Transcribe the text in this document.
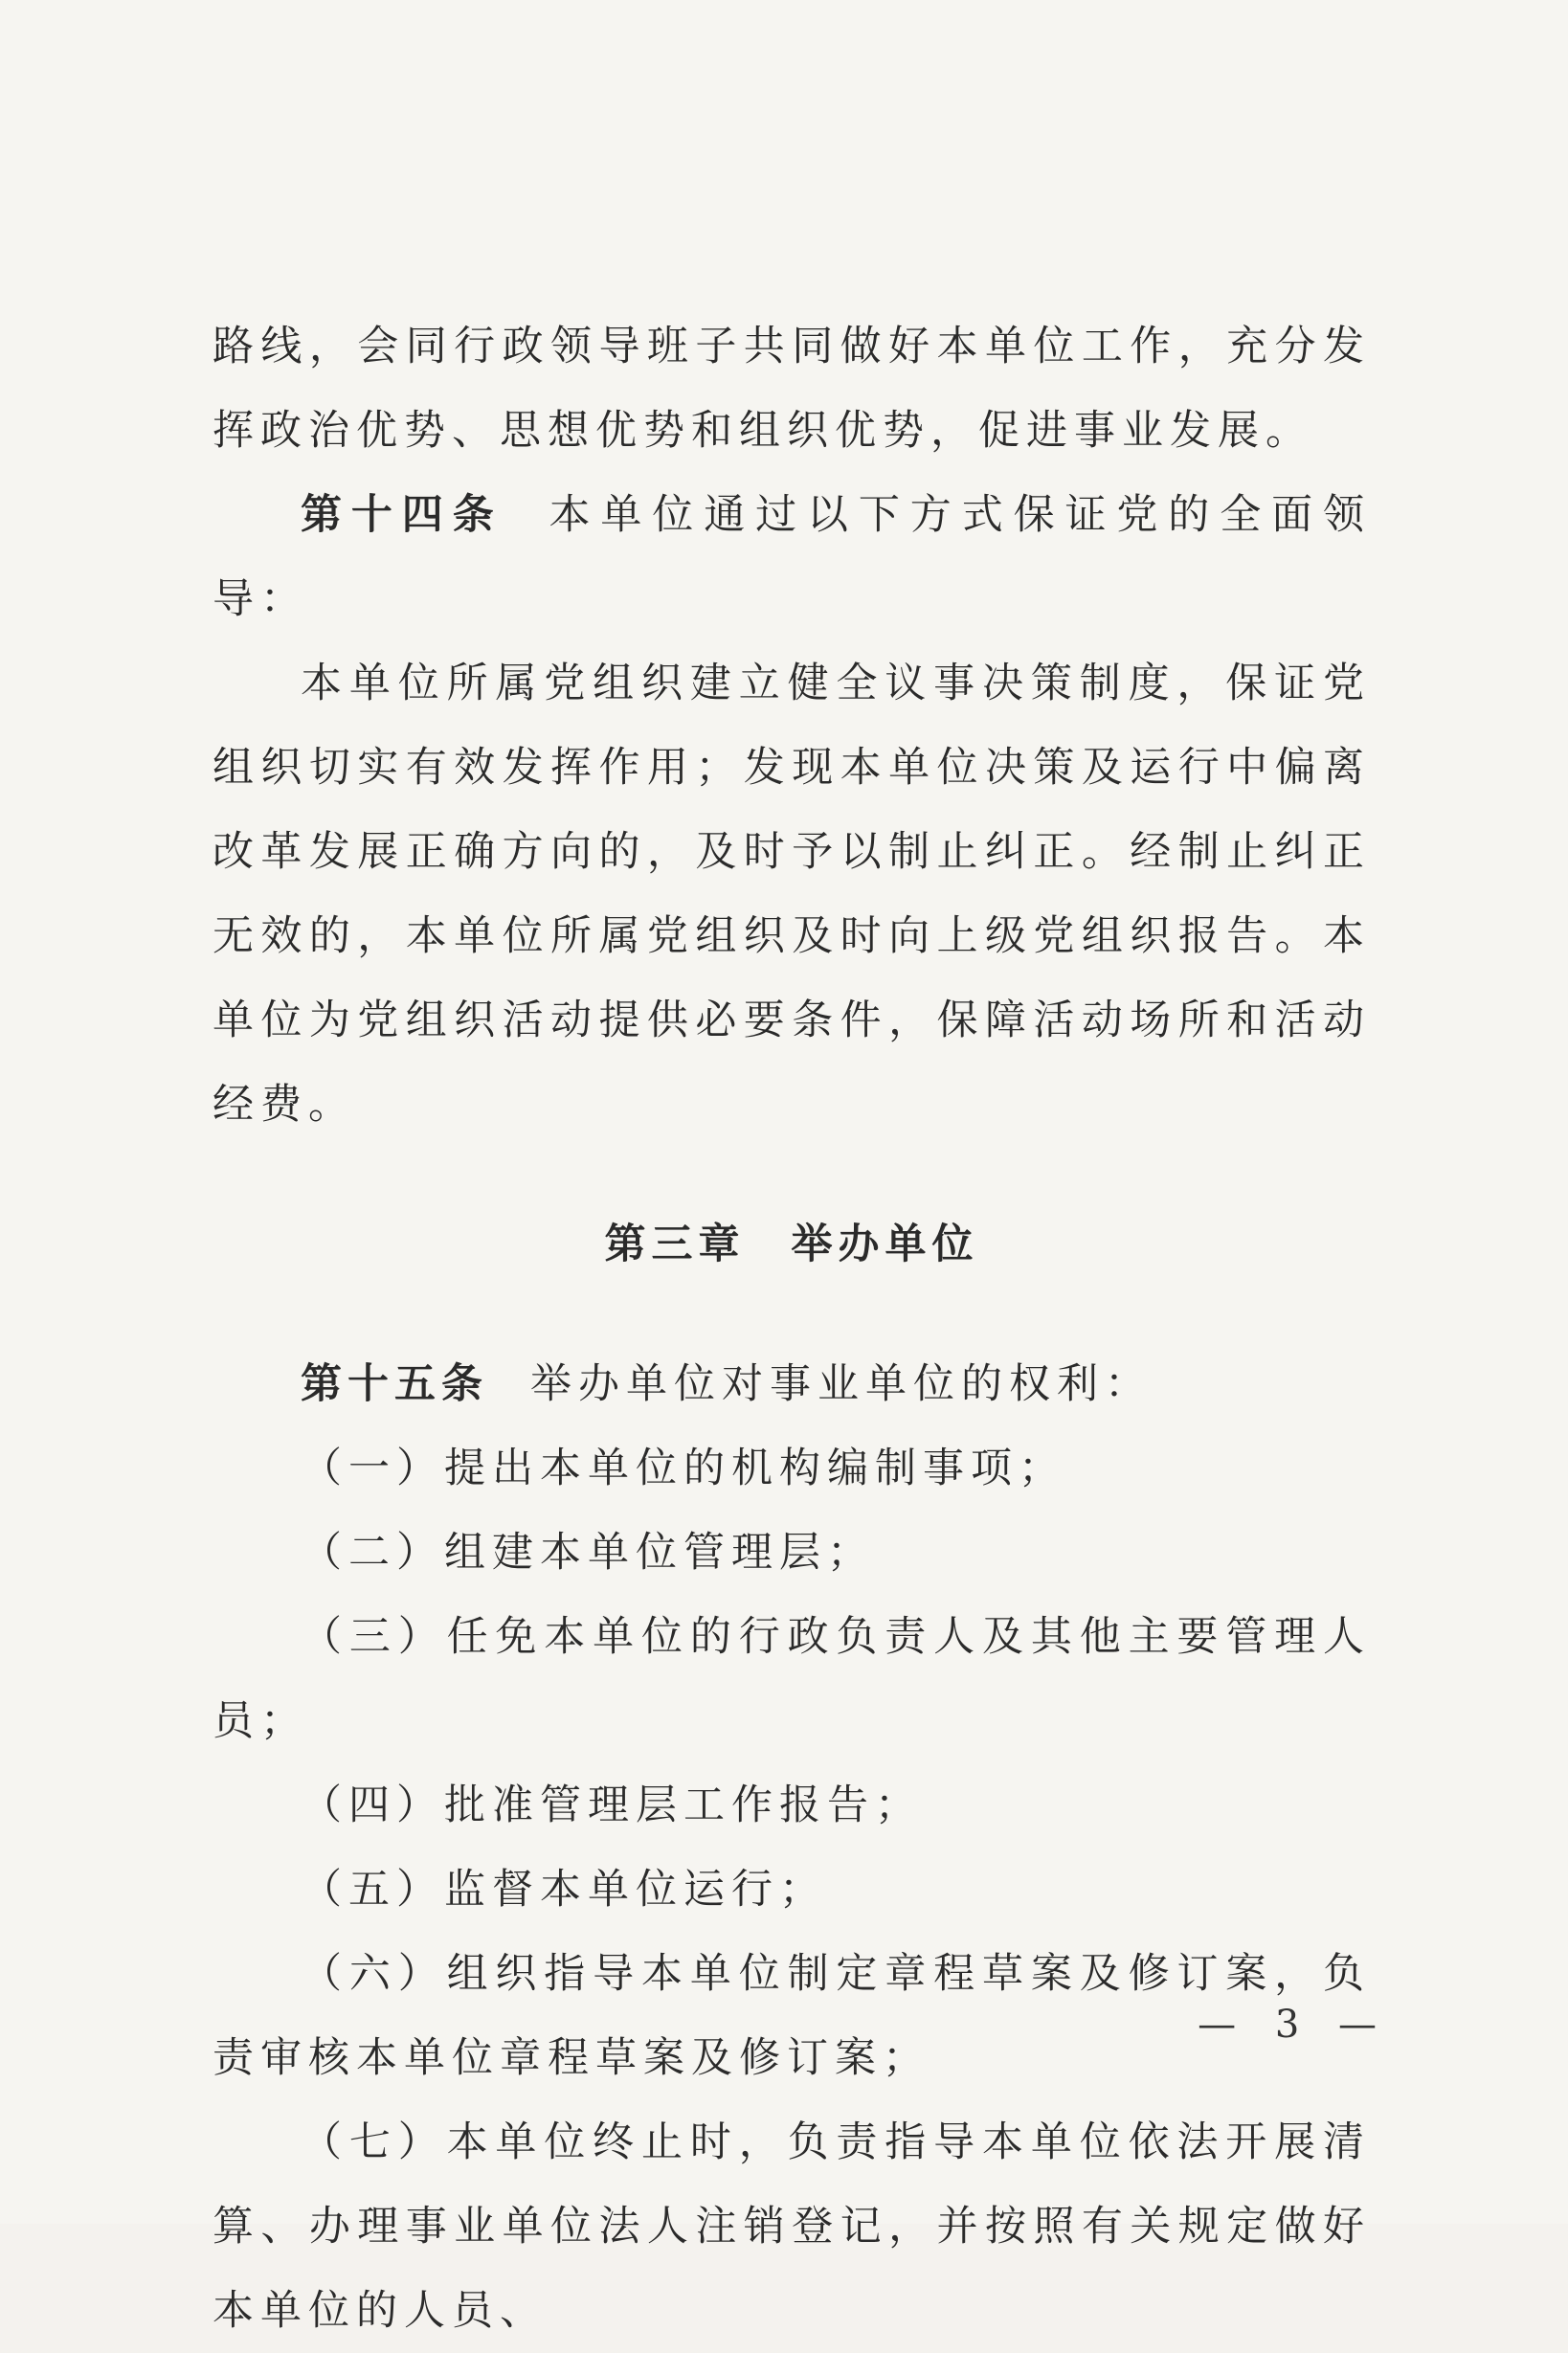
路线，会同行政领导班子共同做好本单位工作，充分发挥政治优势、思想优势和组织优势，促进事业发展。

第十四条 本单位通过以下方式保证党的全面领导：

本单位所属党组织建立健全议事决策制度，保证党组织切实有效发挥作用；发现本单位决策及运行中偏离改革发展正确方向的，及时予以制止纠正。经制止纠正无效的，本单位所属党组织及时向上级党组织报告。本单位为党组织活动提供必要条件，保障活动场所和活动经费。

第三章 举办单位

第十五条 举办单位对事业单位的权利：

（一）提出本单位的机构编制事项；

（二）组建本单位管理层；

（三）任免本单位的行政负责人及其他主要管理人员；

（四）批准管理层工作报告；

（五）监督本单位运行；

（六）组织指导本单位制定章程草案及修订案，负责审核本单位章程草案及修订案；

（七）本单位终止时，负责指导本单位依法开展清算、办理事业单位法人注销登记，并按照有关规定做好本单位的人员、

— 3 —
